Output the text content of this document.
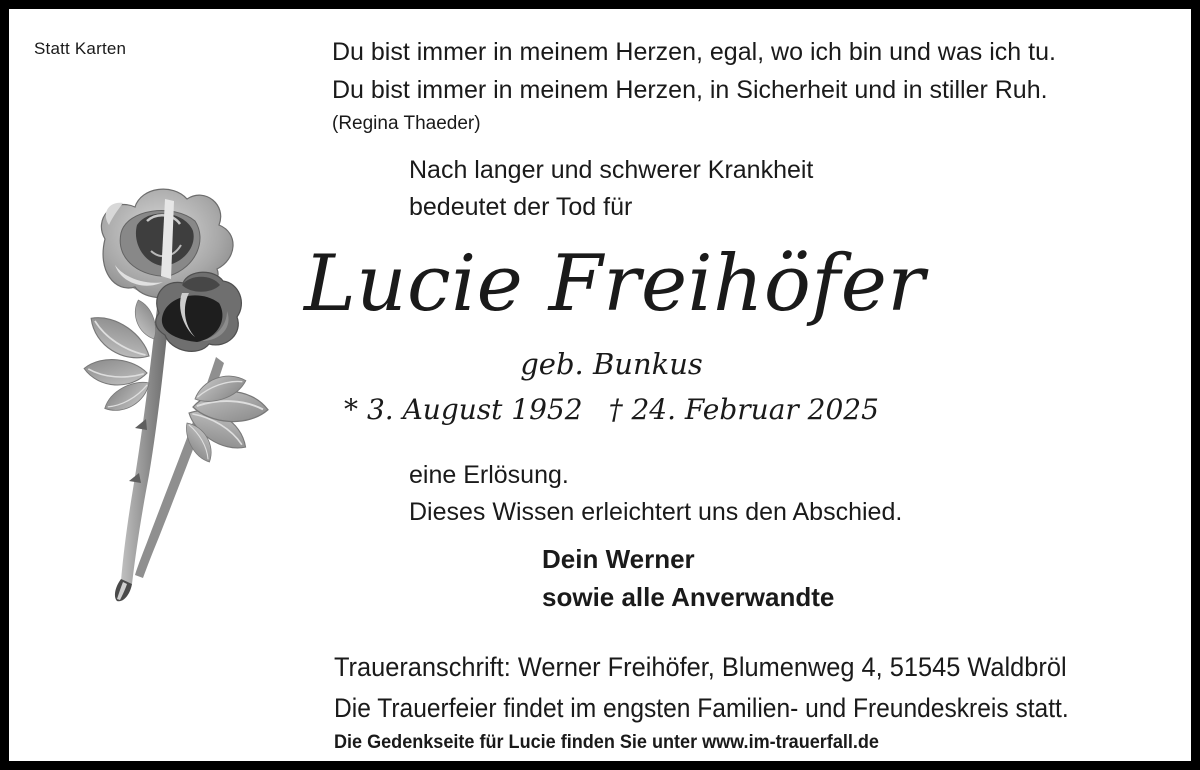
Statt Karten	Du bist immer in meinem Herzen, egal, wo ich bin und was ich tu.
Du bist immer in meinem Herzen, in Sicherheit und in stiller Ruh.
(Regina Thaeder)
Nach langer und schwerer Krankheit
bedeutet der Tod für
Lucie Freihöfer
geb. Bunkus
* 3. August 1952 † 24. Februar 2025
eine Erlösung.
Dieses Wissen erleichtert uns den Abschied.
Dein Werner
sowie alle Anverwandte
Traueranschrift: Werner Freihöfer, Blumenweg 4, 51545 Waldbröl
Die Trauerfeier findet im engsten Familien- und Freundeskreis statt.
Die Gedenkseite für Lucie finden Sie unter www.im-trauerfall.de
